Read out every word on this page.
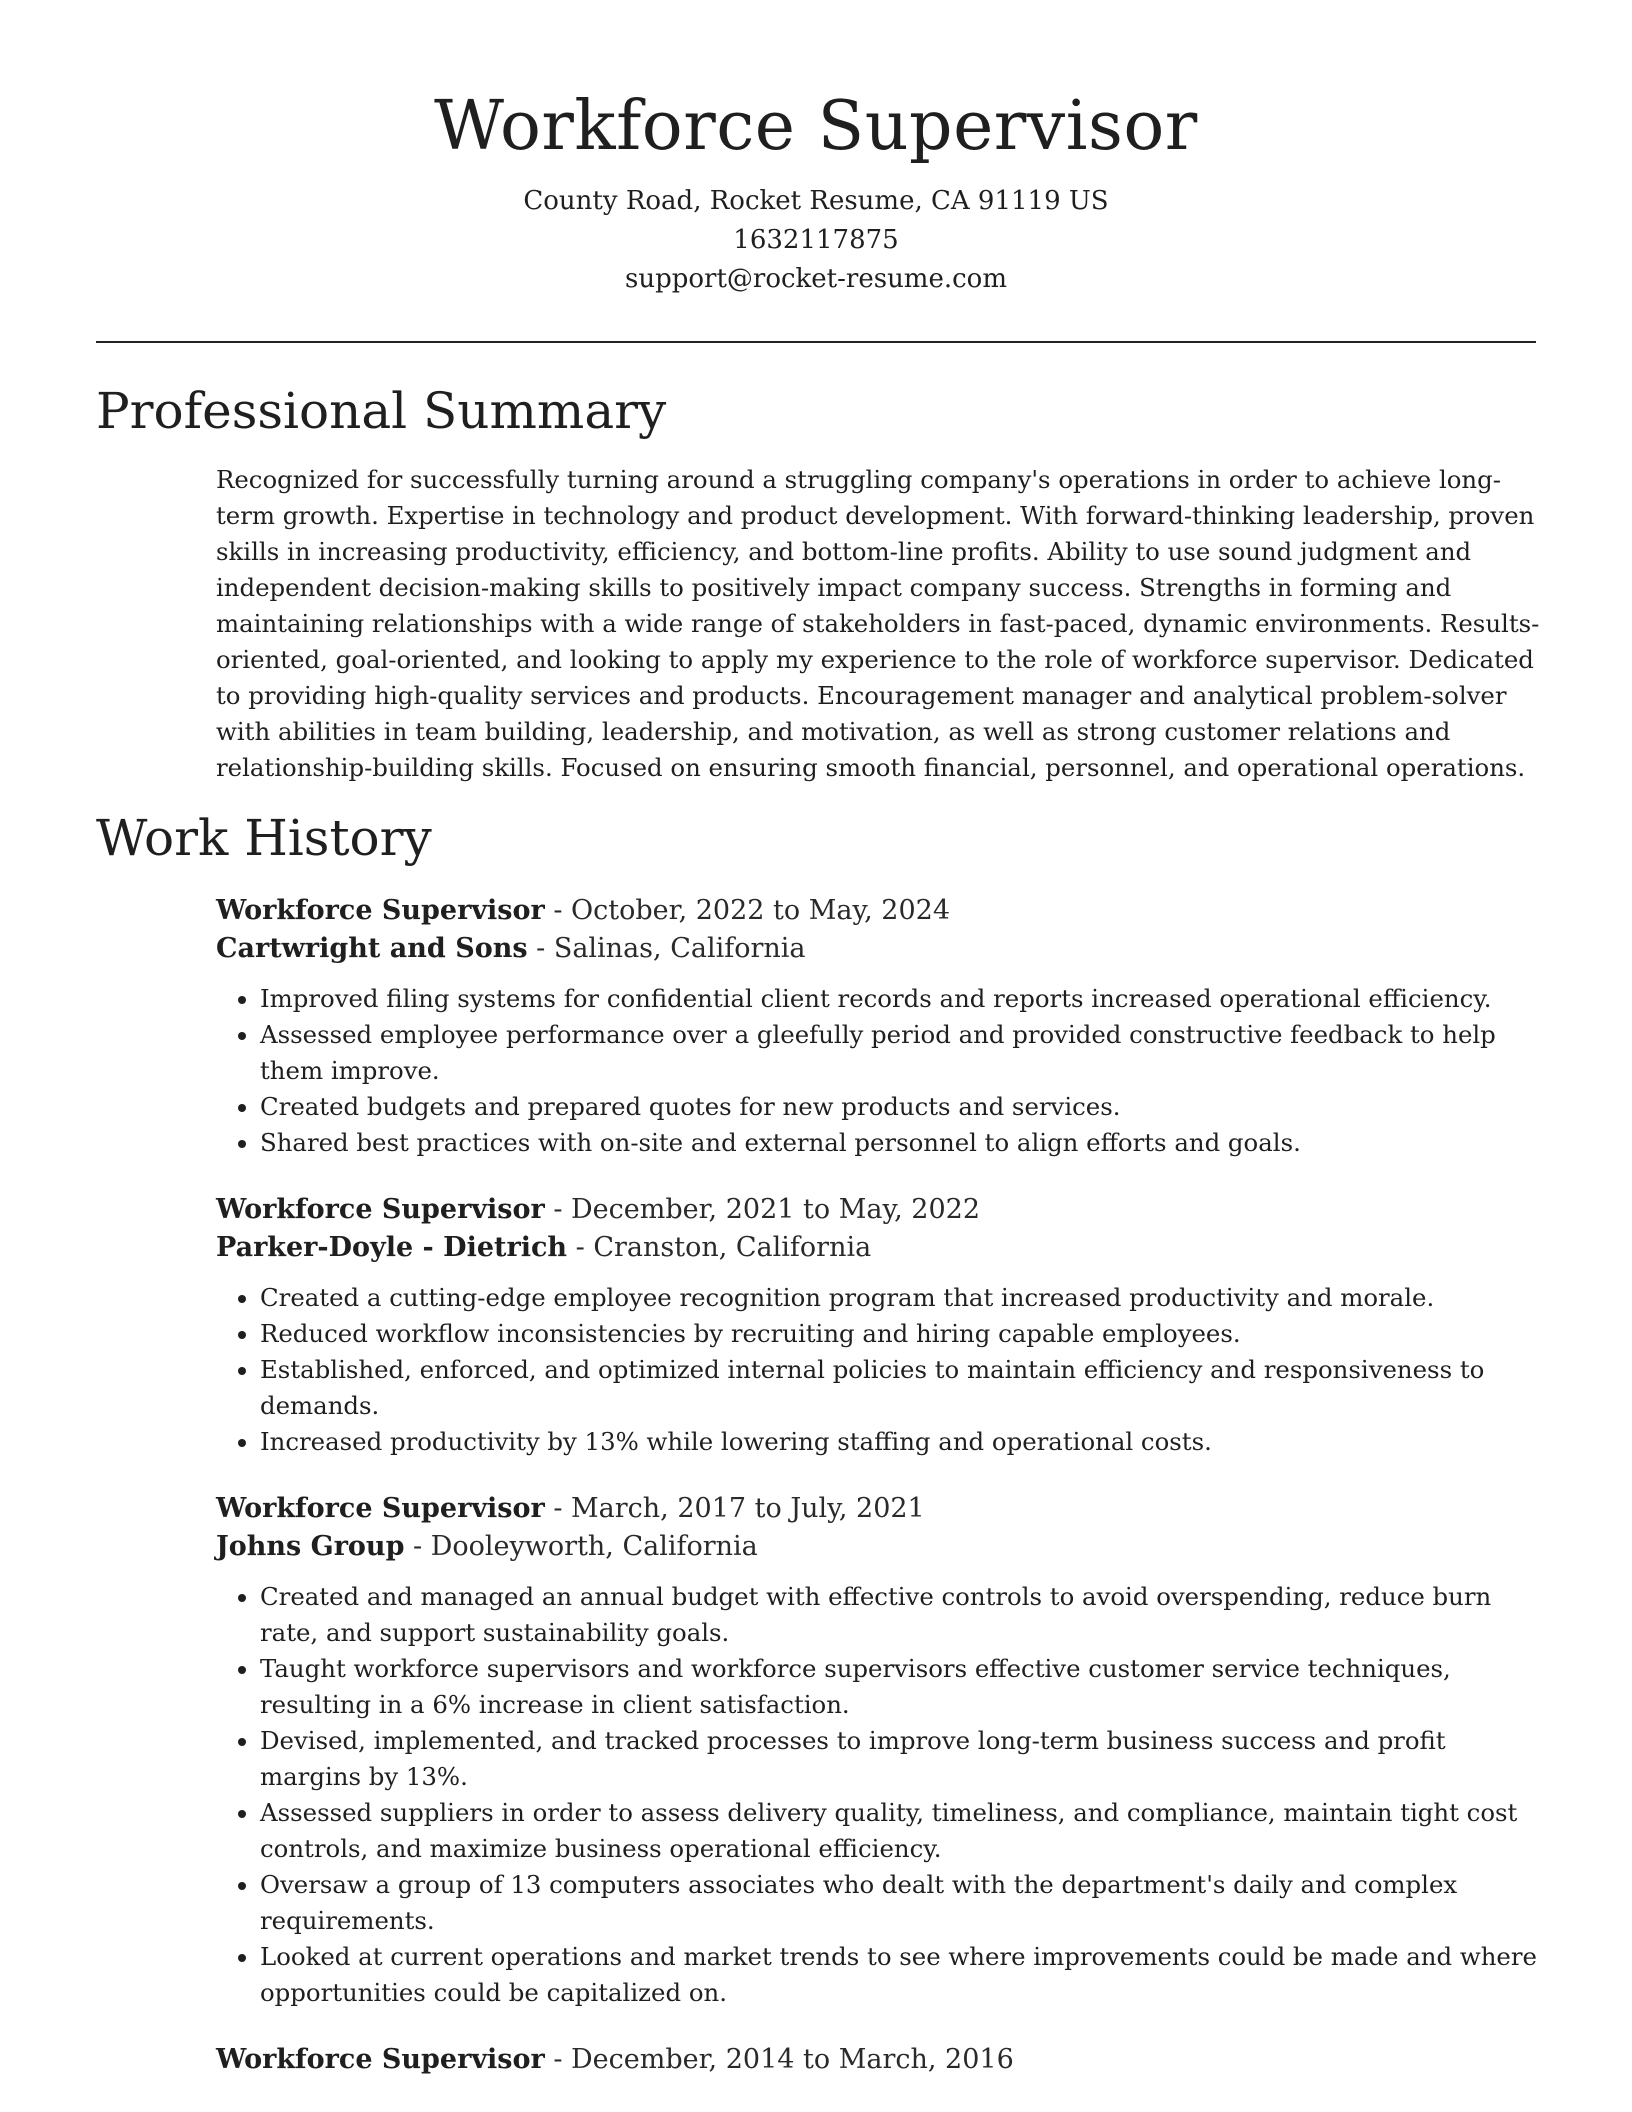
Workforce Supervisor
County Road, Rocket Resume, CA 91119 US
1632117875
support@rocket-resume.com
Professional Summary

Recognized for successfully turning around a struggling company's operations in order to achieve long-term growth. Expertise in technology and product development. With forward-thinking leadership, proven skills in increasing productivity, efficiency, and bottom-line profits. Ability to use sound judgment and independent decision-making skills to positively impact company success. Strengths in forming and maintaining relationships with a wide range of stakeholders in fast-paced, dynamic environments. Results-oriented, goal-oriented, and looking to apply my experience to the role of workforce supervisor. Dedicated to providing high-quality services and products. Encouragement manager and analytical problem-solver with abilities in team building, leadership, and motivation, as well as strong customer relations and relationship-building skills. Focused on ensuring smooth financial, personnel, and operational operations.

Work History

Workforce Supervisor - October, 2022 to May, 2024

Cartwright and Sons - Salinas, California

• Improved filing systems for confidential client records and reports increased operational efficiency.
• Assessed employee performance over a gleefully period and provided constructive feedback to help them improve.
• Created budgets and prepared quotes for new products and services.
• Shared best practices with on-site and external personnel to align efforts and goals.

Workforce Supervisor - December, 2021 to May, 2022

Parker-Doyle - Dietrich - Cranston, California

• Created a cutting-edge employee recognition program that increased productivity and morale.
• Reduced workflow inconsistencies by recruiting and hiring capable employees.
• Established, enforced, and optimized internal policies to maintain efficiency and responsiveness to demands.
• Increased productivity by 13% while lowering staffing and operational costs.

Workforce Supervisor - March, 2017 to July, 2021

Johns Group - Dooleyworth, California

• Created and managed an annual budget with effective controls to avoid overspending, reduce burn rate, and support sustainability goals.
• Taught workforce supervisors and workforce supervisors effective customer service techniques, resulting in a 6% increase in client satisfaction.
• Devised, implemented, and tracked processes to improve long-term business success and profit margins by 13%.
• Assessed suppliers in order to assess delivery quality, timeliness, and compliance, maintain tight cost controls, and maximize business operational efficiency.
• Oversaw a group of 13 computers associates who dealt with the department's daily and complex requirements.
• Looked at current operations and market trends to see where improvements could be made and where opportunities could be capitalized on.

Workforce Supervisor - December, 2014 to March, 2016
